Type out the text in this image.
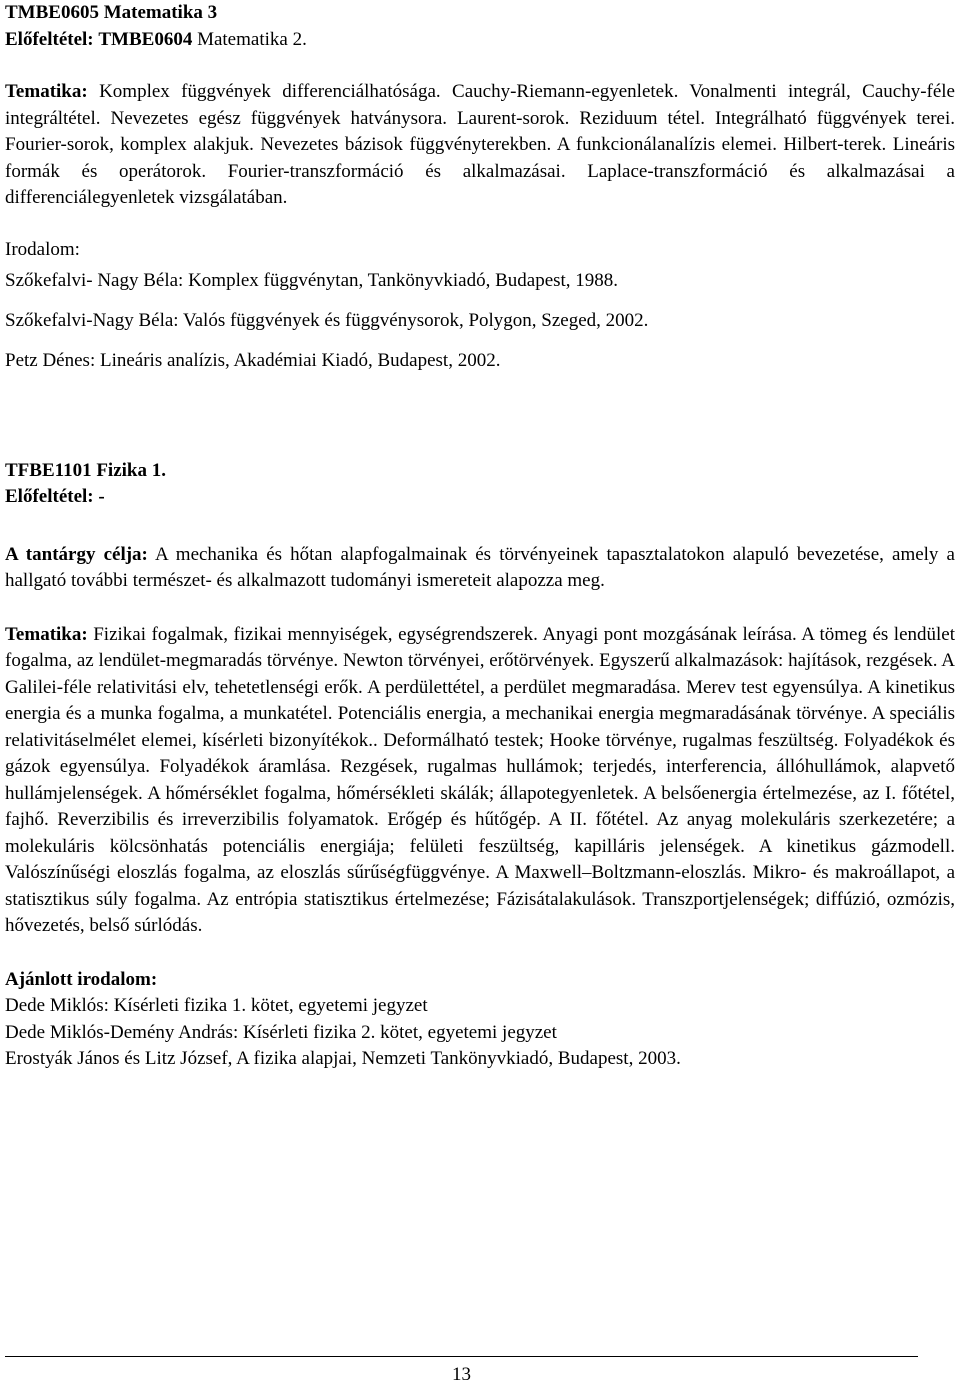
TMBE0605 Matematika 3

Előfeltétel: TMBE0604 Matematika 2.

Tematika: Komplex függvények differenciálhatósága. Cauchy-Riemann-egyenletek. Vonalmenti integrál, Cauchy-féle integráltétel. Nevezetes egész függvények hatványsora. Laurent-sorok. Reziduum tétel. Integrálható függvények terei. Fourier-sorok, komplex alakjuk. Nevezetes bázisok függvényterekben. A funkcionálanalízis elemei. Hilbert-terek. Lineáris formák és operátorok. Fourier-transzformáció és alkalmazásai. Laplace-transzformáció és alkalmazásai a differenciálegyenletek vizsgálatában.

Irodalom:

Szőkefalvi- Nagy Béla: Komplex függvénytan, Tankönyvkiadó, Budapest, 1988.

Szőkefalvi-Nagy Béla: Valós függvények és függvénysorok, Polygon, Szeged, 2002.

Petz Dénes: Lineáris analízis, Akadémiai Kiadó, Budapest, 2002.

TFBE1101 Fizika 1.

Előfeltétel: -

A tantárgy célja: A mechanika és hőtan alapfogalmainak és törvényeinek tapasztalatokon alapuló bevezetése, amely a hallgató további természet- és alkalmazott tudományi ismereteit alapozza meg.

Tematika: Fizikai fogalmak, fizikai mennyiségek, egységrendszerek. Anyagi pont mozgásának leírása. A tömeg és lendület fogalma, az lendület-megmaradás törvénye. Newton törvényei, erőtörvények. Egyszerű alkalmazások: hajítások, rezgések. A Galilei-féle relativitási elv, tehetetlenségi erők. A perdülettétel, a perdület megmaradása. Merev test egyensúlya. A kinetikus energia és a munka fogalma, a munkatétel. Potenciális energia, a mechanikai energia megmaradásának törvénye. A speciális relativitáselmélet elemei, kísérleti bizonyítékok.. Deformálható testek; Hooke törvénye, rugalmas feszültség. Folyadékok és gázok egyensúlya. Folyadékok áramlása. Rezgések, rugalmas hullámok; terjedés, interferencia, állóhullámok, alapvető hullámjelenségek. A hőmérséklet fogalma, hőmérsékleti skálák; állapotegyenletek. A belsőenergia értelmezése, az I. főtétel, fajhő. Reverzibilis és irreverzibilis folyamatok. Erőgép és hűtőgép. A II. főtétel. Az anyag molekuláris szerkezetére; a molekuláris kölcsönhatás potenciális energiája; felületi feszültség, kapilláris jelenségek. A kinetikus gázmodell. Valószínűségi eloszlás fogalma, az eloszlás sűrűségfüggvénye. A Maxwell–Boltzmann-eloszlás. Mikro- és makroállapot, a statisztikus súly fogalma. Az entrópia statisztikus értelmezése; Fázisátalakulások. Transzportjelenségek; diffúzió, ozmózis, hővezetés, belső súrlódás.

Ajánlott irodalom:

Dede Miklós: Kísérleti fizika 1. kötet, egyetemi jegyzet

Dede Miklós-Demény András: Kísérleti fizika 2. kötet, egyetemi jegyzet

Erostyák János és Litz József, A fizika alapjai, Nemzeti Tankönyvkiadó, Budapest, 2003.

13
